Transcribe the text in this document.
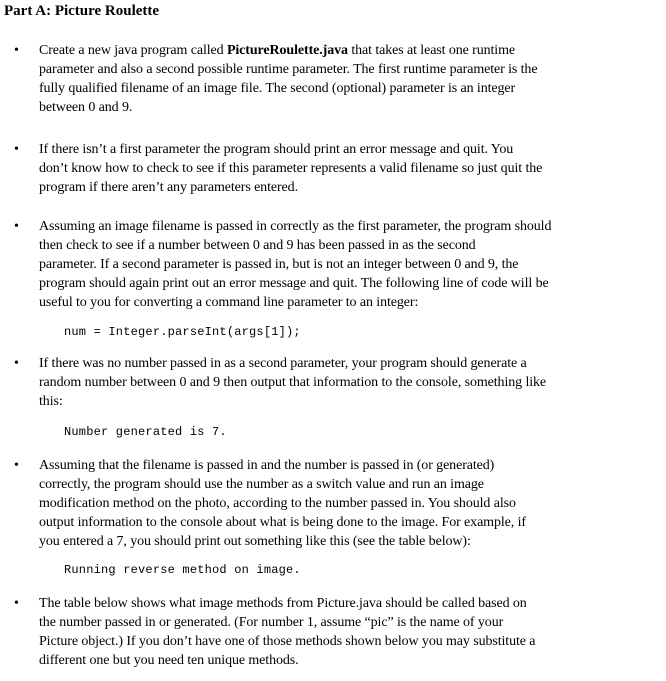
Part A: Picture Roulette
• Create a new java program called PictureRoulette.java that takes at least one runtime
parameter and also a second possible runtime parameter. The first runtime parameter is the
fully qualified filename of an image file. The second (optional) parameter is an integer
between 0 and 9.
• If there isn’t a first parameter the program should print an error message and quit. You
don’t know how to check to see if this parameter represents a valid filename so just quit the
program if there aren’t any parameters entered.
• Assuming an image filename is passed in correctly as the first parameter, the program should
then check to see if a number between 0 and 9 has been passed in as the second
parameter. If a second parameter is passed in, but is not an integer between 0 and 9, the
program should again print out an error message and quit. The following line of code will be
useful to you for converting a command line parameter to an integer:
num = Integer.parseInt(args[1]);
• If there was no number passed in as a second parameter, your program should generate a
random number between 0 and 9 then output that information to the console, something like
this:
Number generated is 7.
• Assuming that the filename is passed in and the number is passed in (or generated)
correctly, the program should use the number as a switch value and run an image
modification method on the photo, according to the number passed in. You should also
output information to the console about what is being done to the image. For example, if
you entered a 7, you should print out something like this (see the table below):
Running reverse method on image.
• The table below shows what image methods from Picture.java should be called based on
the number passed in or generated. (For number 1, assume “pic” is the name of your
Picture object.) If you don’t have one of those methods shown below you may substitute a
different one but you need ten unique methods.
